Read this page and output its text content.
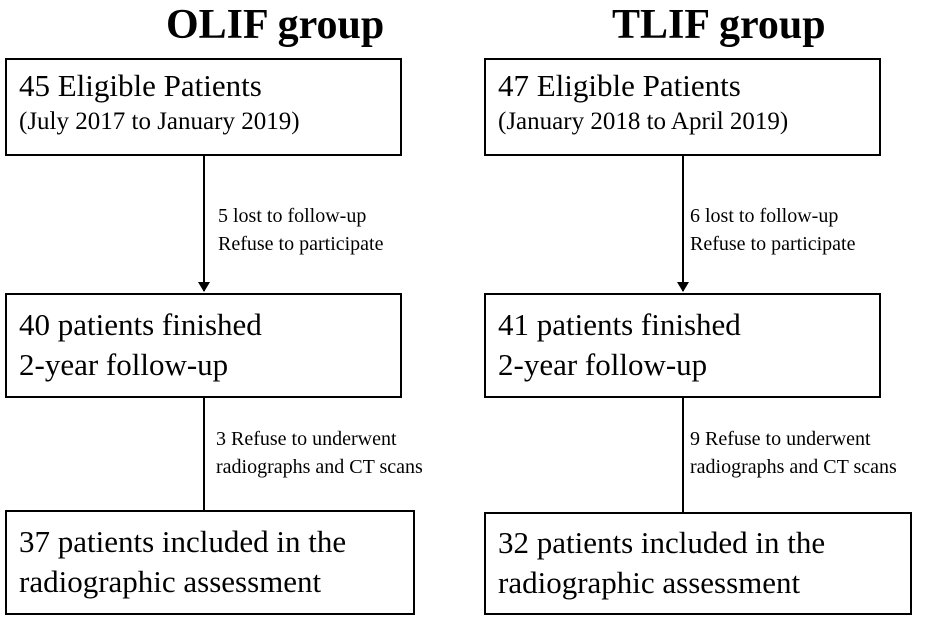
OLIF group
45 Eligible Patients
(July 2017 to January 2019)
5 lost to follow-up
Refuse to participate
40 patients finished
2-year follow-up
3 Refuse to underwent
radiographs and CT scans
37 patients included in the
radiographic assessment
TLIF group
47 Eligible Patients
(January 2018 to April 2019)
6 lost to follow-up
Refuse to participate
41 patients finished
2-year follow-up
9 Refuse to underwent
radiographs and CT scans
32 patients included in the
radiographic assessment
